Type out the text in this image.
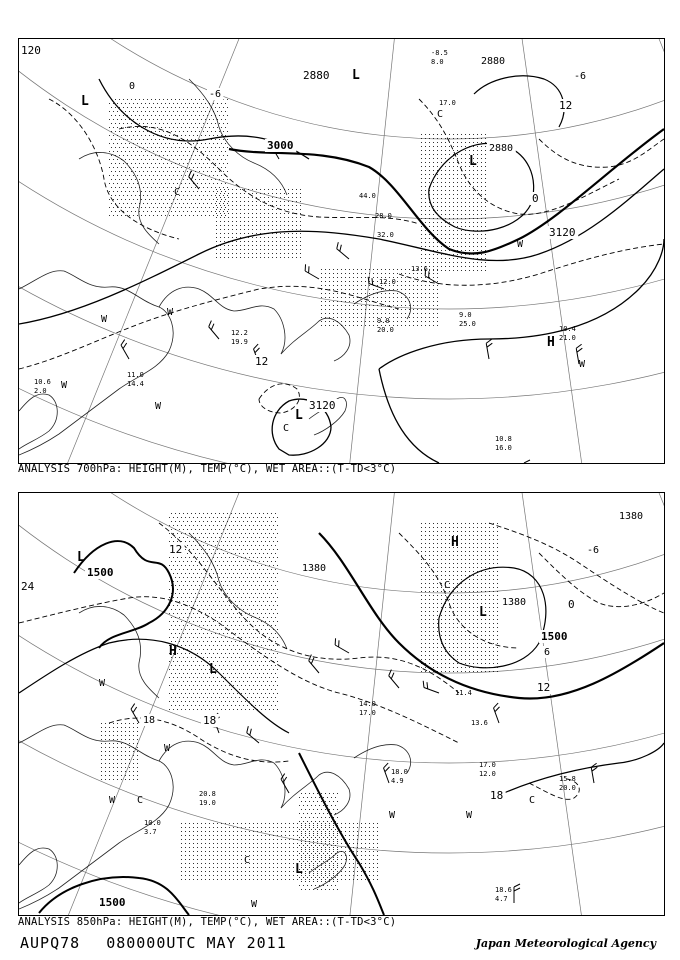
3000
2880
2880
2880
3120
3120
120
12
0
-6
12
-6
0
L
L
L
L
H
C
C
C
W
W
W
W
W
W
10.8
16.0
10.4
21.0
9.0
25.0
9.0
20.0
12.2
19.9
11.0
14.4
10.6
2.0
-8.5
8.0
17.0
28.0
44.0
32.0
13.6
12.0
ANALYSIS 700hPa: HEIGHT(M), TEMP(°C), WET AREA::(T-TD<3°C)
1500
1500
1500
1380
1380
1380
24
12
18
18
12
18
-6
0
6
L
L
L
L
H
H
C
C	C
C
W
W
W
W
W	W
18.6
4.7
17.0
12.0
15.8
20.0
18.0
4.9
20.8
19.0
10.0
3.7
14.0
17.0
13.6
11.4
ANALYSIS 850hPa: HEIGHT(M), TEMP(°C), WET AREA::(T-TD<3°C)
AUPQ78 080000UTC MAY 2011	Japan Meteorological Agency
